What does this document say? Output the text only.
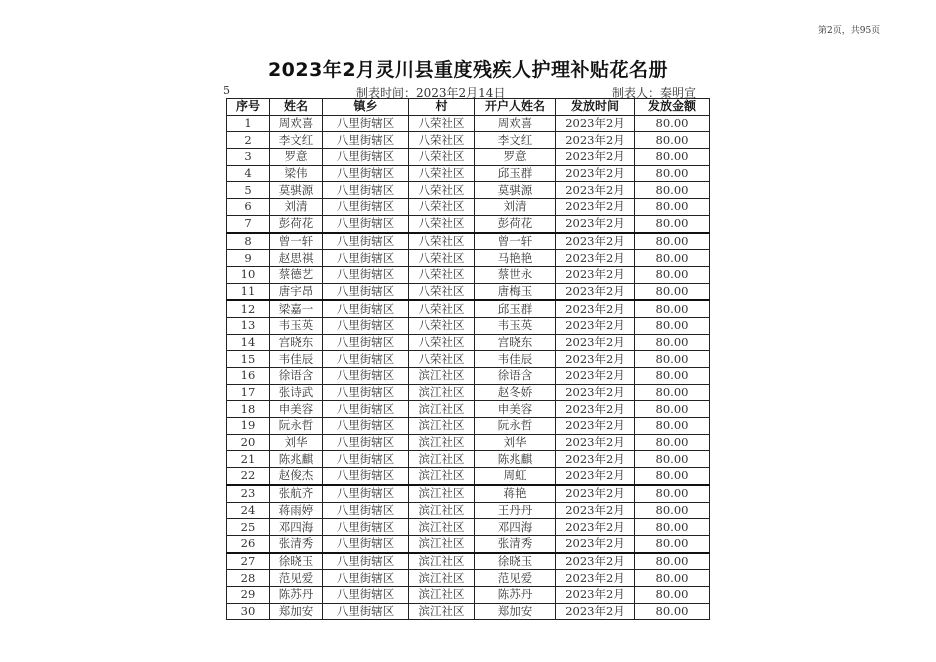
第2页，共95页
2023年2月灵川县重度残疾人护理补贴花名册
5	制表时间：2023年2月14日	制表人：秦明宣
序号	姓名	镇乡	村	开户人姓名	发放时间	发放金额
1	周欢喜	八里街辖区	八荣社区	周欢喜	2023年2月	80.00
2	李文红	八里街辖区	八荣社区	李文红	2023年2月	80.00
3	罗意	八里街辖区	八荣社区	罗意	2023年2月	80.00
4	梁伟	八里街辖区	八荣社区	邱玉群	2023年2月	80.00
5	莫骐源	八里街辖区	八荣社区	莫骐源	2023年2月	80.00
6	刘清	八里街辖区	八荣社区	刘清	2023年2月	80.00
7	彭荷花	八里街辖区	八荣社区	彭荷花	2023年2月	80.00
8	曾一轩	八里街辖区	八荣社区	曾一轩	2023年2月	80.00
9	赵思祺	八里街辖区	八荣社区	马艳艳	2023年2月	80.00
10	蔡德艺	八里街辖区	八荣社区	蔡世永	2023年2月	80.00
11	唐宇昂	八里街辖区	八荣社区	唐梅玉	2023年2月	80.00
12	梁嘉一	八里街辖区	八荣社区	邱玉群	2023年2月	80.00
13	韦玉英	八里街辖区	八荣社区	韦玉英	2023年2月	80.00
14	宫晓东	八里街辖区	八荣社区	宫晓东	2023年2月	80.00
15	韦佳辰	八里街辖区	八荣社区	韦佳辰	2023年2月	80.00
16	徐语含	八里街辖区	滨江社区	徐语含	2023年2月	80.00
17	张诗武	八里街辖区	滨江社区	赵冬娇	2023年2月	80.00
18	申美容	八里街辖区	滨江社区	申美容	2023年2月	80.00
19	阮永哲	八里街辖区	滨江社区	阮永哲	2023年2月	80.00
20	刘华	八里街辖区	滨江社区	刘华	2023年2月	80.00
21	陈兆麒	八里街辖区	滨江社区	陈兆麒	2023年2月	80.00
22	赵俊杰	八里街辖区	滨江社区	周虹	2023年2月	80.00
23	张航齐	八里街辖区	滨江社区	蒋艳	2023年2月	80.00
24	蒋雨婷	八里街辖区	滨江社区	王丹丹	2023年2月	80.00
25	邓四海	八里街辖区	滨江社区	邓四海	2023年2月	80.00
26	张清秀	八里街辖区	滨江社区	张清秀	2023年2月	80.00
27	徐晓玉	八里街辖区	滨江社区	徐晓玉	2023年2月	80.00
28	范见爱	八里街辖区	滨江社区	范见爱	2023年2月	80.00
29	陈苏丹	八里街辖区	滨江社区	陈苏丹	2023年2月	80.00
30	郑加安	八里街辖区	滨江社区	郑加安	2023年2月	80.00
